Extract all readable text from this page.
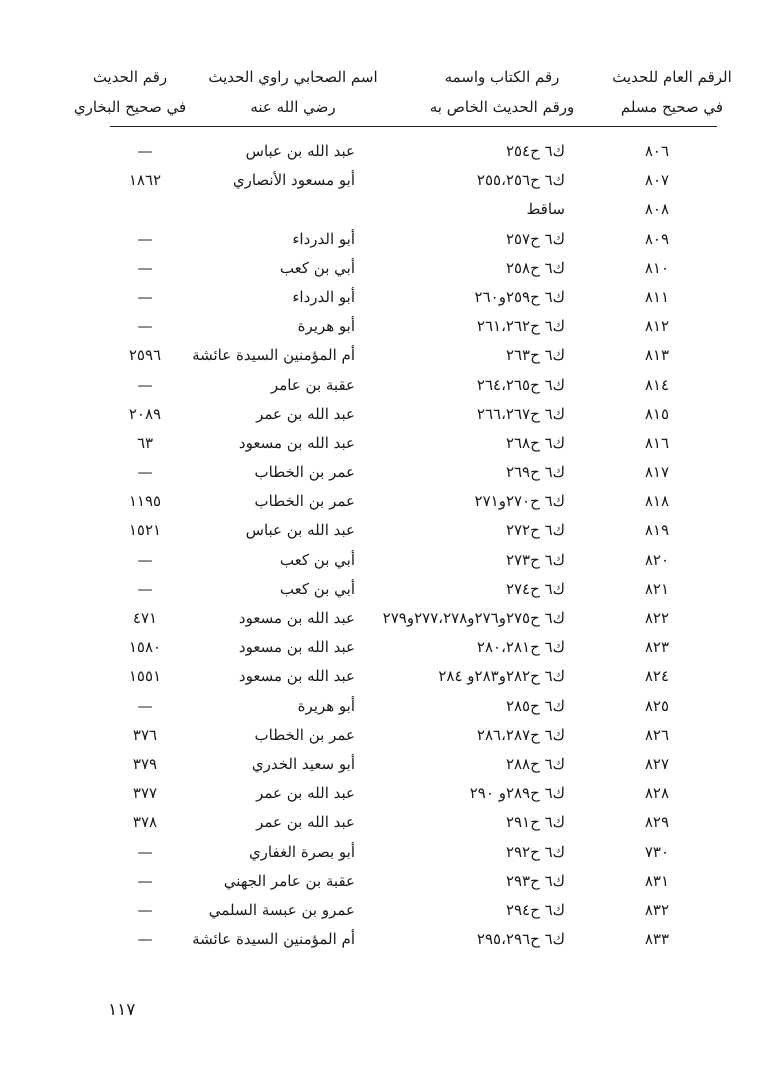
الرقم العام للحديث
في صحيح مسلم
رقم الكتاب واسمه
ورقم الحديث الخاص به
اسم الصحابي راوي الحديث
رضي الله عنه
رقم الحديث
في صحيح البخاري
٨٠٦
ك٦ ح٢٥٤
عبد الله بن عباس
—
٨٠٧
ك٦ ح٢٥٥،٢٥٦
أبو مسعود الأنصاري
١٨٦٢
٨٠٨
ساقط
٨٠٩
ك٦ ح٢٥٧
أبو الدرداء
—
٨١٠
ك٦ ح٢٥٨
أبي بن كعب
—
٨١١
ك٦ ح٢٥٩و٢٦٠
أبو الدرداء
—
٨١٢
ك٦ ح٢٦١،٢٦٢
أبو هريرة
—
٨١٣
ك٦ ح٢٦٣
أم المؤمنين السيدة عائشة
٢٥٩٦
٨١٤
ك٦ ح٢٦٤،٢٦٥
عقبة بن عامر
—
٨١٥
ك٦ ح٢٦٦،٢٦٧
عبد الله بن عمر
٢٠٨٩
٨١٦
ك٦ ح٢٦٨
عبد الله بن مسعود
٦٣
٨١٧
ك٦ ح٢٦٩
عمر بن الخطاب
—
٨١٨
ك٦ ح٢٧٠و٢٧١
عمر بن الخطاب
١١٩٥
٨١٩
ك٦ ح٢٧٢
عبد الله بن عباس
١٥٢١
٨٢٠
ك٦ ح٢٧٣
أبي بن كعب
—
٨٢١
ك٦ ح٢٧٤
أبي بن كعب
—
٨٢٢
ك٦ ح٢٧٥و٢٧٦و٢٧٧،٢٧٨و٢٧٩
عبد الله بن مسعود
٤٧١
٨٢٣
ك٦ ح٢٨٠،٢٨١
عبد الله بن مسعود
١٥٨٠
٨٢٤
ك٦ ح٢٨٢و٢٨٣و ٢٨٤
عبد الله بن مسعود
١٥٥١
٨٢٥
ك٦ ح٢٨٥
أبو هريرة
—
٨٢٦
ك٦ ح٢٨٦،٢٨٧
عمر بن الخطاب
٣٧٦
٨٢٧
ك٦ ح٢٨٨
أبو سعيد الخدري
٣٧٩
٨٢٨
ك٦ ح٢٨٩و ٢٩٠
عبد الله بن عمر
٣٧٧
٨٢٩
ك٦ ح٢٩١
عبد الله بن عمر
٣٧٨
٧٣٠
ك٦ ح٢٩٢
أبو بصرة الغفاري
—
٨٣١
ك٦ ح٢٩٣
عقبة بن عامر الجهني
—
٨٣٢
ك٦ ح٢٩٤
عمرو بن عبسة السلمي
—
٨٣٣
ك٦ ح٢٩٥،٢٩٦
أم المؤمنين السيدة عائشة
—
١١٧
